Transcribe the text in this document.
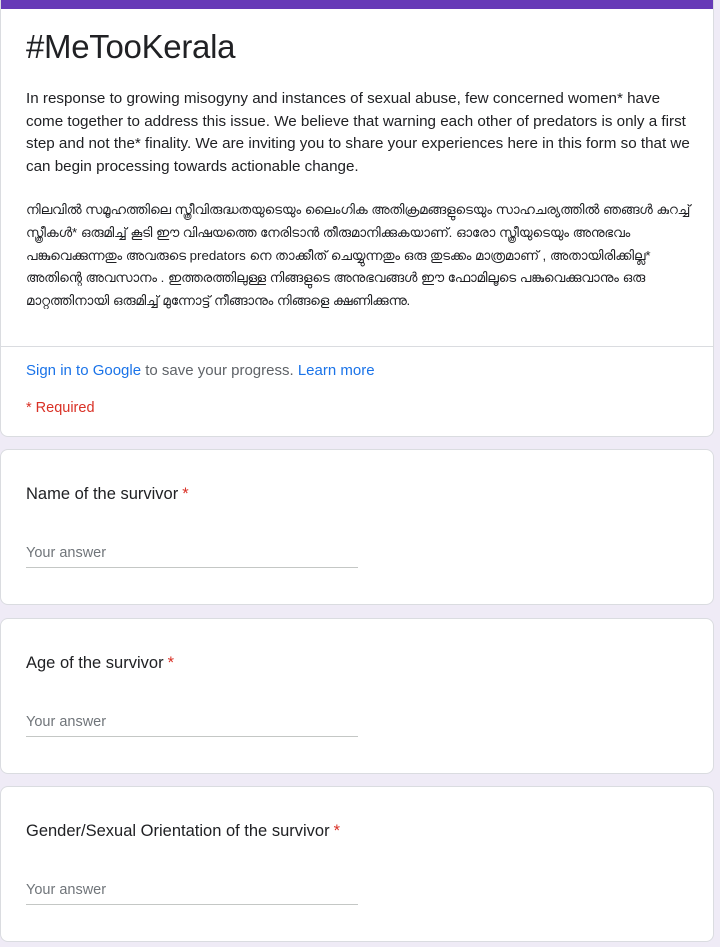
#MeTooKerala

In response to growing misogyny and instances of sexual abuse, few concerned women* have come together to address this issue. We believe that warning each other of predators is only a first step and not the* finality. We are inviting you to share your experiences here in this form so that we can begin processing towards actionable change.

നിലവിൽ സമൂഹത്തിലെ സ്ത്രീവിരുദ്ധതയുടെയും ലൈംഗിക അതിക്രമങ്ങളുടെയും സാഹചര്യത്തിൽ ഞങ്ങൾ കുറച്ച് സ്ത്രീകൾ* ഒരുമിച്ച് കൂടി ഈ വിഷയത്തെ നേരിടാൻ തീരുമാനിക്കുകയാണ്. ഓരോ സ്ത്രീയുടെയും അനുഭവം പങ്കുവെക്കുന്നതും അവരുടെ predators നെ താക്കീത് ചെയ്യുന്നതും ഒരു തുടക്കം മാത്രമാണ് , അതായിരിക്കില്ല* അതിന്റെ അവസാനം . ഇത്തരത്തിലുള്ള നിങ്ങളുടെ അനുഭവങ്ങൾ ഈ ഫോമിലൂടെ പങ്കുവെക്കുവാനും ഒരു മാറ്റത്തിനായി ഒരുമിച്ച് മുന്നോട്ട് നീങ്ങാനും നിങ്ങളെ ക്ഷണിക്കുന്നു.

Sign in to Google to save your progress. Learn more
* Required
Name of the survivor *
Your answer
Age of the survivor *
Your answer
Gender/Sexual Orientation of the survivor *
Your answer
